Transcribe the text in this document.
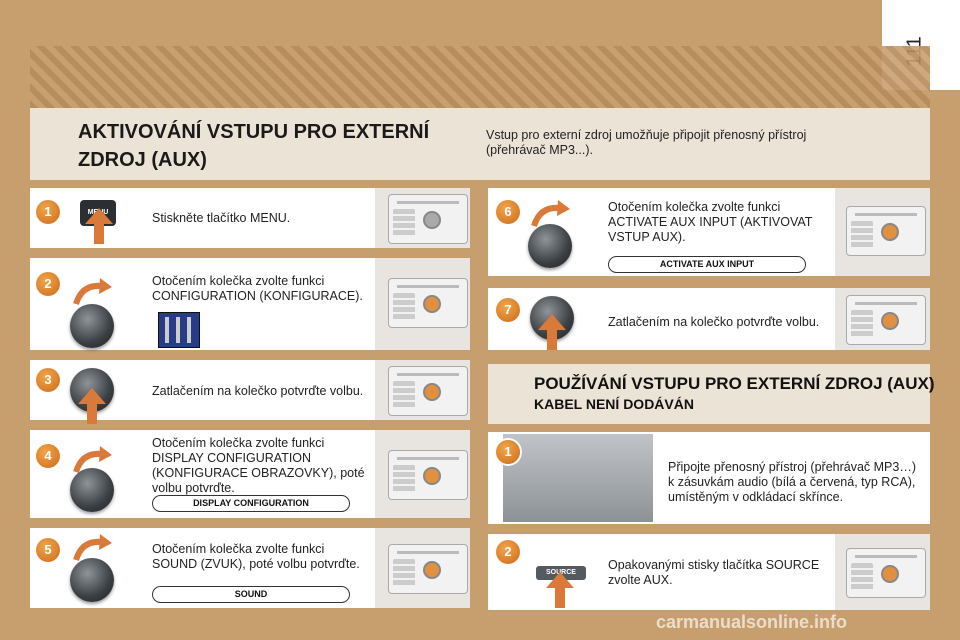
AKTIVOVÁNÍ VSTUPU PRO EXTERNÍ ZDROJ (AUX)
Vstup pro externí zdroj umožňuje připojit přenosný přístroj (přehrávač MP3...).
1	MENU	Stiskněte tlačítko MENU.
2	Otočením kolečka zvolte funkci CONFIGURATION (KONFIGURACE).
3
Zatlačením na kolečko potvrďte volbu.
4
Otočením kolečka zvolte funkci DISPLAY CONFIGURATION (KONFIGURACE OBRAZOVKY), poté volbu potvrďte.
DISPLAY CONFIGURATION
5	Otočením kolečka zvolte funkci SOUND (ZVUK), poté volbu potvrďte.
SOUND
6	Otočením kolečka zvolte funkci ACTIVATE AUX INPUT (AKTIVOVAT VSTUP AUX).
ACTIVATE AUX INPUT
7
Zatlačením na kolečko potvrďte volbu.
POUŽÍVÁNÍ VSTUPU PRO EXTERNÍ ZDROJ (AUX)
KABEL NENÍ DODÁVÁN
1
Připojte přenosný přístroj (přehrávač MP3…) k zásuvkám audio (bílá a červená, typ RCA), umístěným v odkládací skřínce.
2
SOURCE
Opakovanými stisky tlačítka SOURCE zvolte AUX.
carmanualsonline.info
